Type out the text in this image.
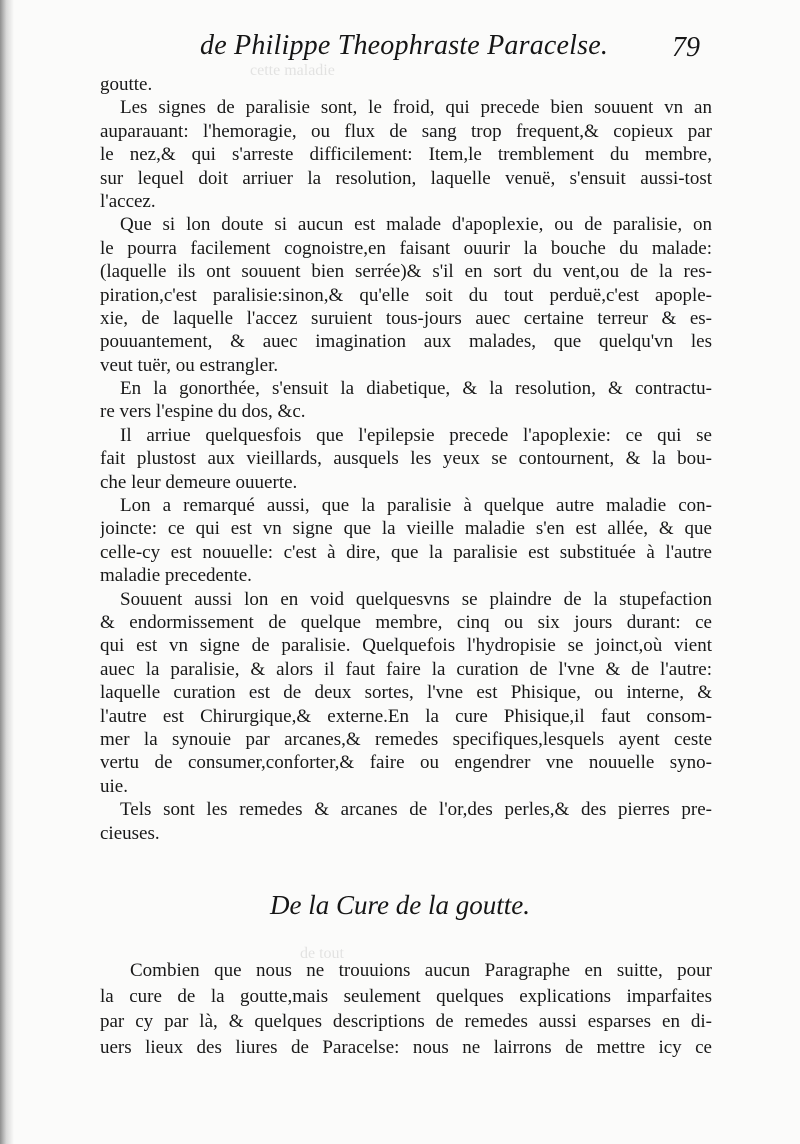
cette maladie
de tout
de Philippe Theophraste Paracelse. 79
goutte.
Les signes de paralisie sont, le froid, qui precede bien souuent vn an
auparauant: l'hemoragie, ou flux de sang trop frequent,& copieux par
le nez,& qui s'arreste difficilement: Item,le tremblement du membre,
sur lequel doit arriuer la resolution, laquelle venuë, s'ensuit aussi-tost
l'accez.
Que si lon doute si aucun est malade d'apoplexie, ou de paralisie, on
le pourra facilement cognoistre,en faisant ouurir la bouche du malade:
(laquelle ils ont souuent bien serrée)& s'il en sort du vent,ou de la res-
piration,c'est paralisie:sinon,& qu'elle soit du tout perduë,c'est apople-
xie, de laquelle l'accez suruient tous-jours auec certaine terreur & es-
pouuantement, & auec imagination aux malades, que quelqu'vn les
veut tuër, ou estrangler.
En la gonorthée, s'ensuit la diabetique, & la resolution, & contractu-
re vers l'espine du dos, &c.
Il arriue quelquesfois que l'epilepsie precede l'apoplexie: ce qui se
fait plustost aux vieillards, ausquels les yeux se contournent, & la bou-
che leur demeure ouuerte.
Lon a remarqué aussi, que la paralisie à quelque autre maladie con-
joincte: ce qui est vn signe que la vieille maladie s'en est allée, & que
celle-cy est nouuelle: c'est à dire, que la paralisie est substituée à l'autre
maladie precedente.
Souuent aussi lon en void quelquesvns se plaindre de la stupefaction
& endormissement de quelque membre, cinq ou six jours durant: ce
qui est vn signe de paralisie. Quelquefois l'hydropisie se joinct,où vient
auec la paralisie, & alors il faut faire la curation de l'vne & de l'autre:
laquelle curation est de deux sortes, l'vne est Phisique, ou interne, &
l'autre est Chirurgique,& externe.En la cure Phisique,il faut consom-
mer la synouie par arcanes,& remedes specifiques,lesquels ayent ceste
vertu de consumer,conforter,& faire ou engendrer vne nouuelle syno-
uie.
Tels sont les remedes & arcanes de l'or,des perles,& des pierres pre-
cieuses.
De la Cure de la goutte.
Combien que nous ne trouuions aucun Paragraphe en suitte, pour
la cure de la goutte,mais seulement quelques explications imparfaites
par cy par là, & quelques descriptions de remedes aussi esparses en di-
uers lieux des liures de Paracelse: nous ne lairrons de mettre icy ce
